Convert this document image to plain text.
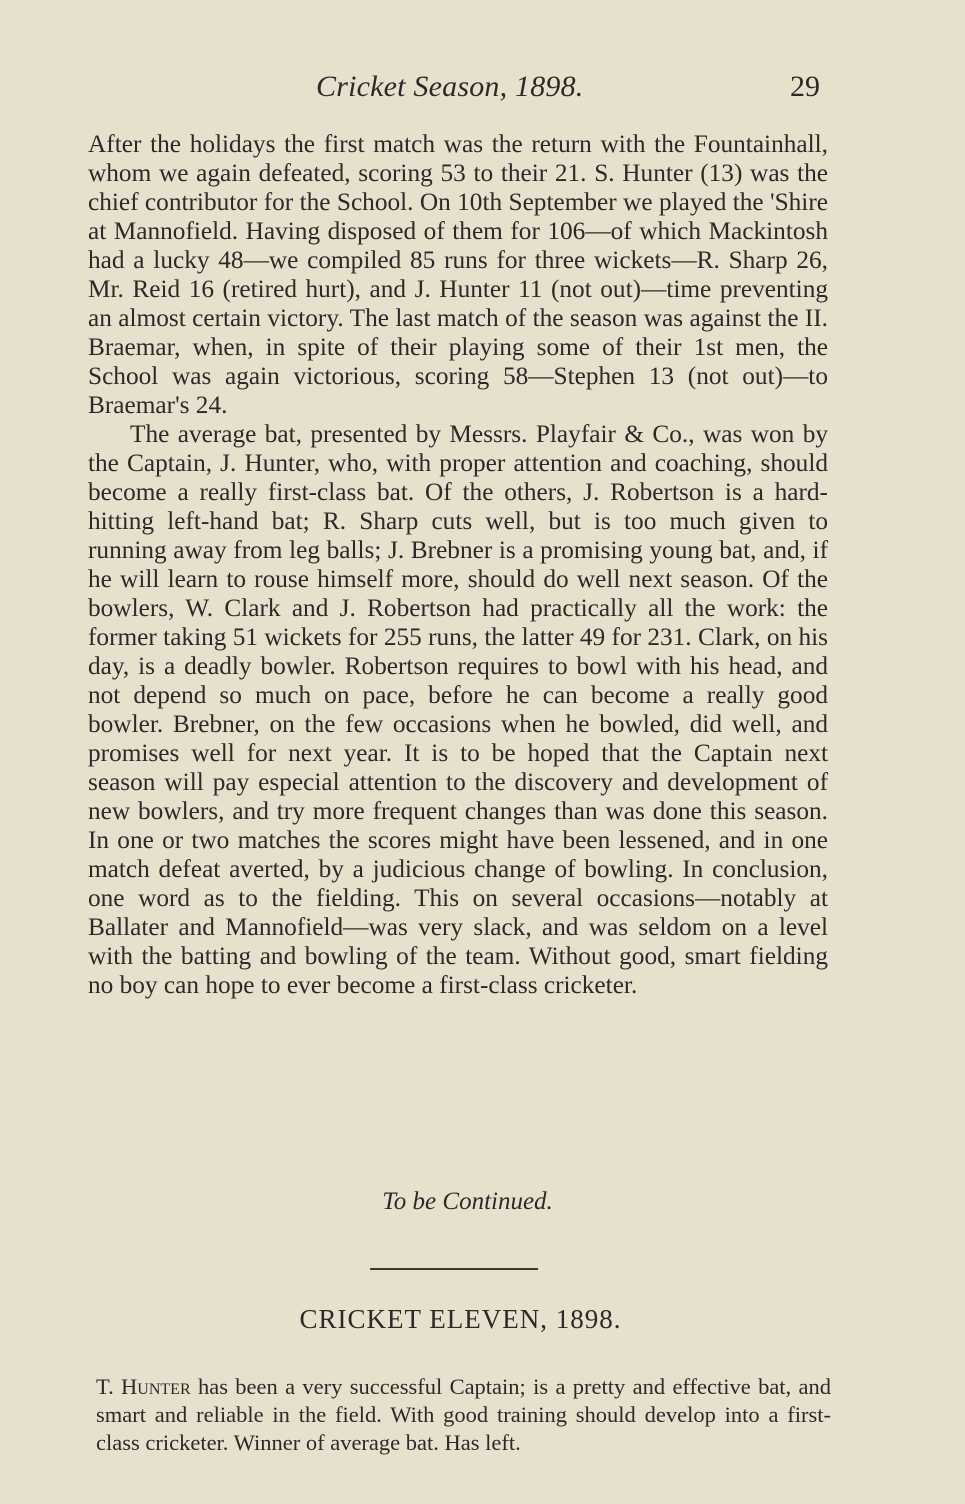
Cricket Season, 1898.	29

After the holidays the first match was the return with the Fountainhall, whom we again defeated, scoring 53 to their 21. S. Hunter (13) was the chief contributor for the School. On 10th September we played the 'Shire at Mannofield. Having disposed of them for 106—of which Mackintosh had a lucky 48—we compiled 85 runs for three wickets—R. Sharp 26, Mr. Reid 16 (retired hurt), and J. Hunter 11 (not out)—time preventing an almost certain victory. The last match of the season was against the II. Braemar, when, in spite of their playing some of their 1st men, the School was again victorious, scoring 58—Stephen 13 (not out)—to Braemar's 24.

The average bat, presented by Messrs. Playfair & Co., was won by the Captain, J. Hunter, who, with proper attention and coaching, should become a really first-class bat. Of the others, J. Robertson is a hard-hitting left-hand bat; R. Sharp cuts well, but is too much given to running away from leg balls; J. Brebner is a promising young bat, and, if he will learn to rouse himself more, should do well next season. Of the bowlers, W. Clark and J. Robertson had practically all the work: the former taking 51 wickets for 255 runs, the latter 49 for 231. Clark, on his day, is a deadly bowler. Robertson requires to bowl with his head, and not depend so much on pace, before he can become a really good bowler. Brebner, on the few occasions when he bowled, did well, and promises well for next year. It is to be hoped that the Captain next season will pay especial attention to the discovery and development of new bowlers, and try more frequent changes than was done this season. In one or two matches the scores might have been lessened, and in one match defeat averted, by a judicious change of bowling. In conclusion, one word as to the fielding. This on several occasions—notably at Ballater and Mannofield—was very slack, and was seldom on a level with the batting and bowling of the team. Without good, smart fielding no boy can hope to ever become a first-class cricketer.

To be Continued.
CRICKET ELEVEN, 1898.

T. Hunter has been a very successful Captain; is a pretty and effective bat, and smart and reliable in the field. With good training should develop into a first-class cricketer. Winner of average bat. Has left.
